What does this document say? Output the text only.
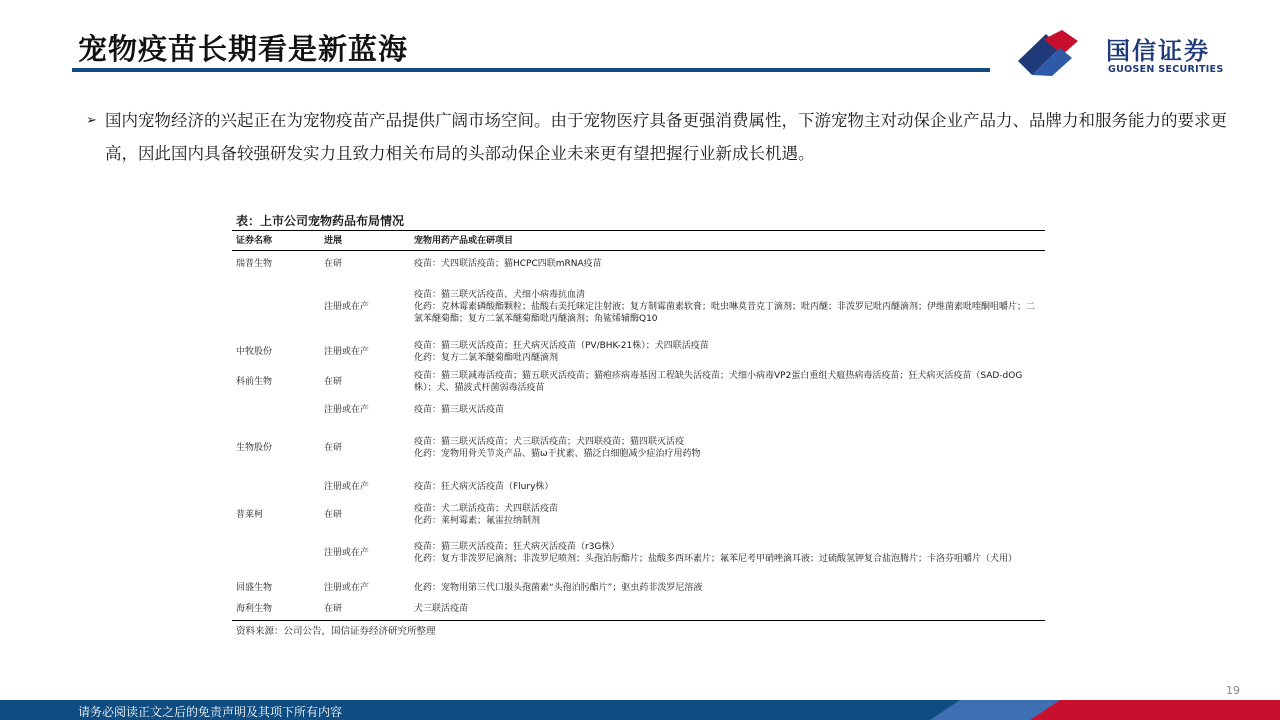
宠物疫苗长期看是新蓝海	国信证券
GUOSEN SECURITIES
➢ 国内宠物经济的兴起正在为宠物疫苗产品提供广阔市场空间。由于宠物医疗具备更强消费属性，下游宠物主对动保企业产品力、品牌力和服务能力的要求更高，因此国内具备较强研发实力且致力相关布局的头部动保企业未来更有望把握行业新成长机遇。
表：上市公司宠物药品布局情况
证券名称	进展	宠物用药产品或在研项目
瑞普生物	在研	疫苗：犬四联活疫苗；猫HCPC四联mRNA疫苗

	注册或在产	疫苗：猫三联灭活疫苗、犬细小病毒抗血清
化药：克林霉素磷酸酯颗粒；盐酸右美托咪定注射液；复方制霉菌素软膏；吡虫啉莫昔克丁滴剂；吡丙醚；非泼罗尼吡丙醚滴剂；伊维菌素吡喹酮咀嚼片；二氯苯醚菊酯；复方二氯苯醚菊酯吡丙醚滴剂；角鲨烯辅酶Q10

中牧股份	注册或在产	疫苗：猫三联灭活疫苗；狂犬病灭活疫苗（PV/BHK-21株）；犬四联活疫苗
化药：复方二氯苯醚菊酯吡丙醚滴剂

科前生物	在研	疫苗：猫三联减毒活疫苗；猫五联灭活疫苗；猫疱疹病毒基因工程缺失活疫苗；犬细小病毒VP2蛋白重组犬瘟热病毒活疫苗；狂犬病灭活疫苗（SAD-dOG株）；犬、猫波式杆菌弱毒活疫苗

	注册或在产	疫苗：猫三联灭活疫苗

生物股份	在研	疫苗：猫三联灭活疫苗；犬三联活疫苗；犬四联疫苗；猫四联灭活疫
化药：宠物用骨关节炎产品、猫ω干扰素、猫泛白细胞减少症治疗用药物

	注册或在产	疫苗：狂犬病灭活疫苗（Flury株）

普莱柯	在研	疫苗：犬二联活疫苗；犬四联活疫苗
化药：莱柯霉素；氟雷拉纳制剂

	注册或在产	疫苗：猫三联灭活疫苗；狂犬病灭活疫苗（r3G株）
化药：复方非泼罗尼滴剂；非泼罗尼喷剂；头孢泊肟酯片；盐酸多西环素片；氟苯尼考甲硝唑滴耳液；过硫酸氢钾复合盐泡腾片；卡洛芬咀嚼片（犬用）

回盛生物	注册或在产	化药：宠物用第三代口服头孢菌素“头孢泊肟酯片”；驱虫药非泼罗尼溶液

海利生物	在研	犬三联活疫苗
资料来源：公司公告，国信证券经济研究所整理
19
请务必阅读正文之后的免责声明及其项下所有内容
